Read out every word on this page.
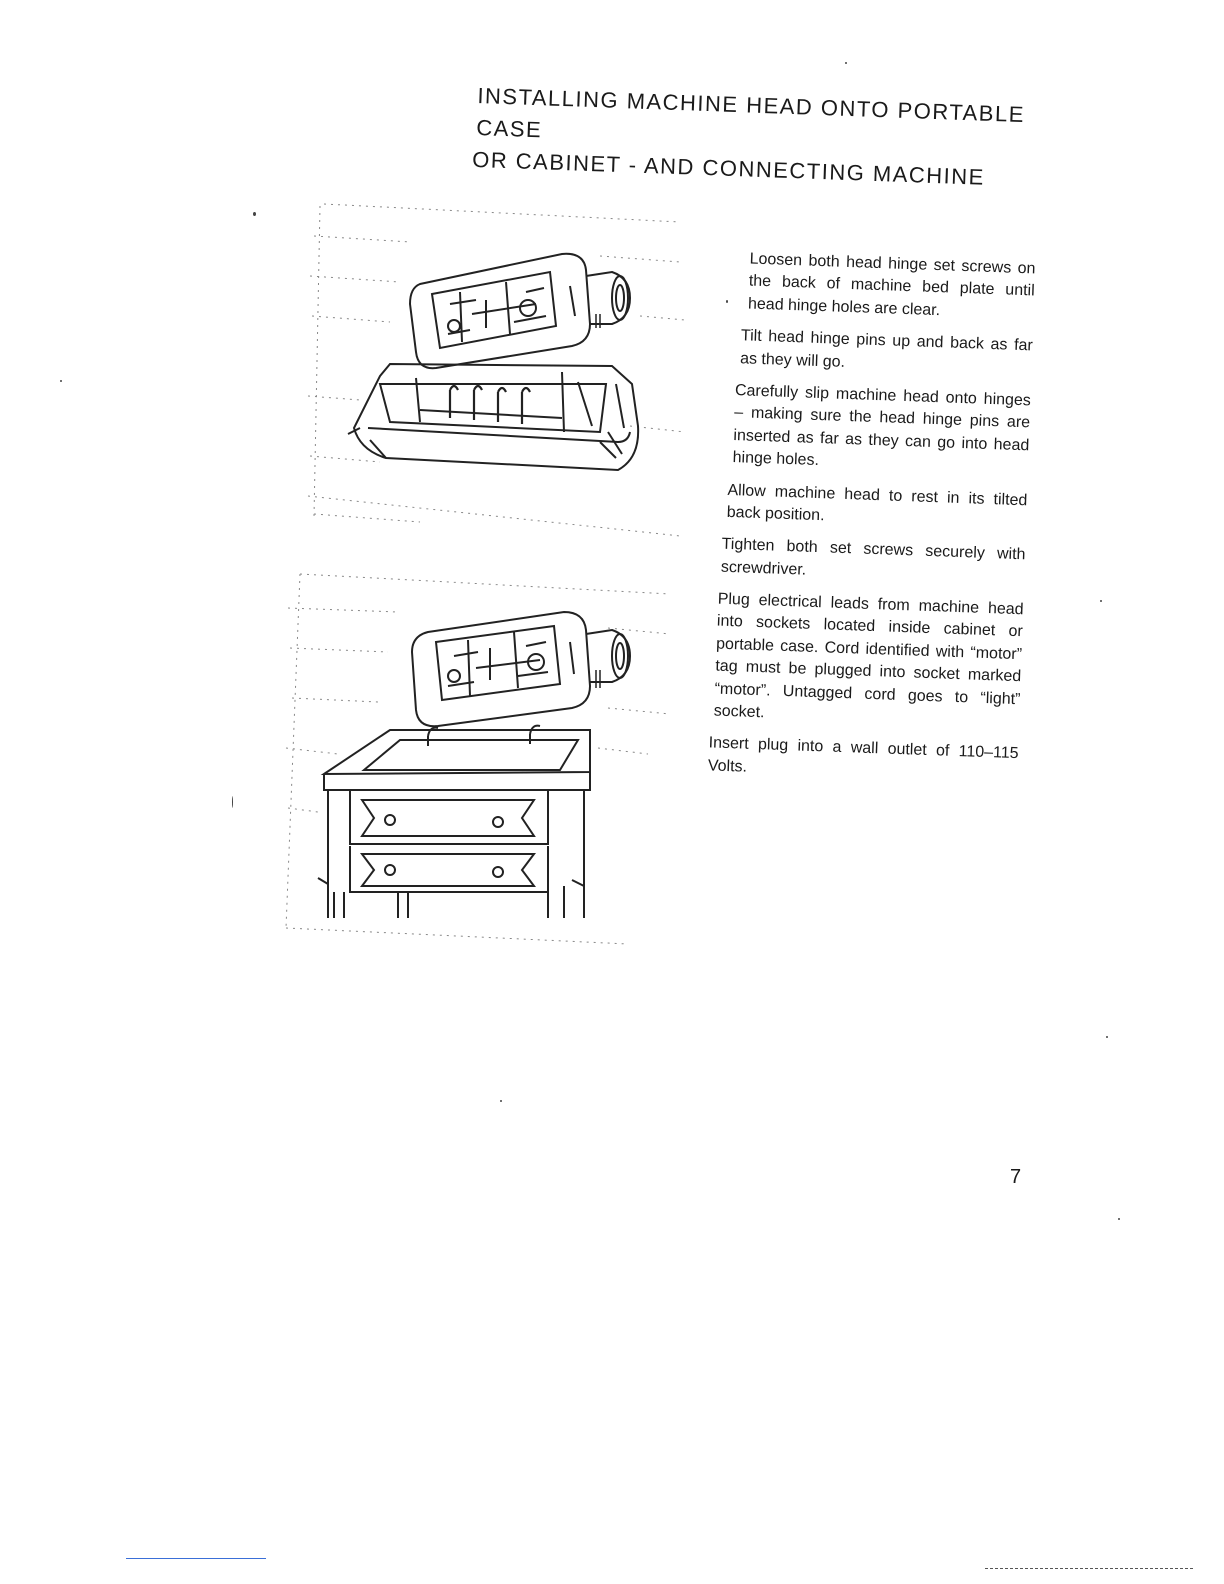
INSTALLING MACHINE HEAD ONTO PORTABLE CASE
OR CABINET - AND CONNECTING MACHINE

Loosen both head hinge set screws on the back of machine bed plate until head hinge holes are clear.

Tilt head hinge pins up and back as far as they will go.

Carefully slip machine head onto hinges – making sure the head hinge pins are inserted as far as they can go into head hinge holes.

Allow machine head to rest in its tilted back position.

Tighten both set screws securely with screwdriver.

Plug electrical leads from machine head into sockets located inside cabinet or portable case. Cord identified with “motor” tag must be plugged into socket marked “motor”. Untagged cord goes to “light” socket.

Insert plug into a wall outlet of 110–115 Volts.

7
